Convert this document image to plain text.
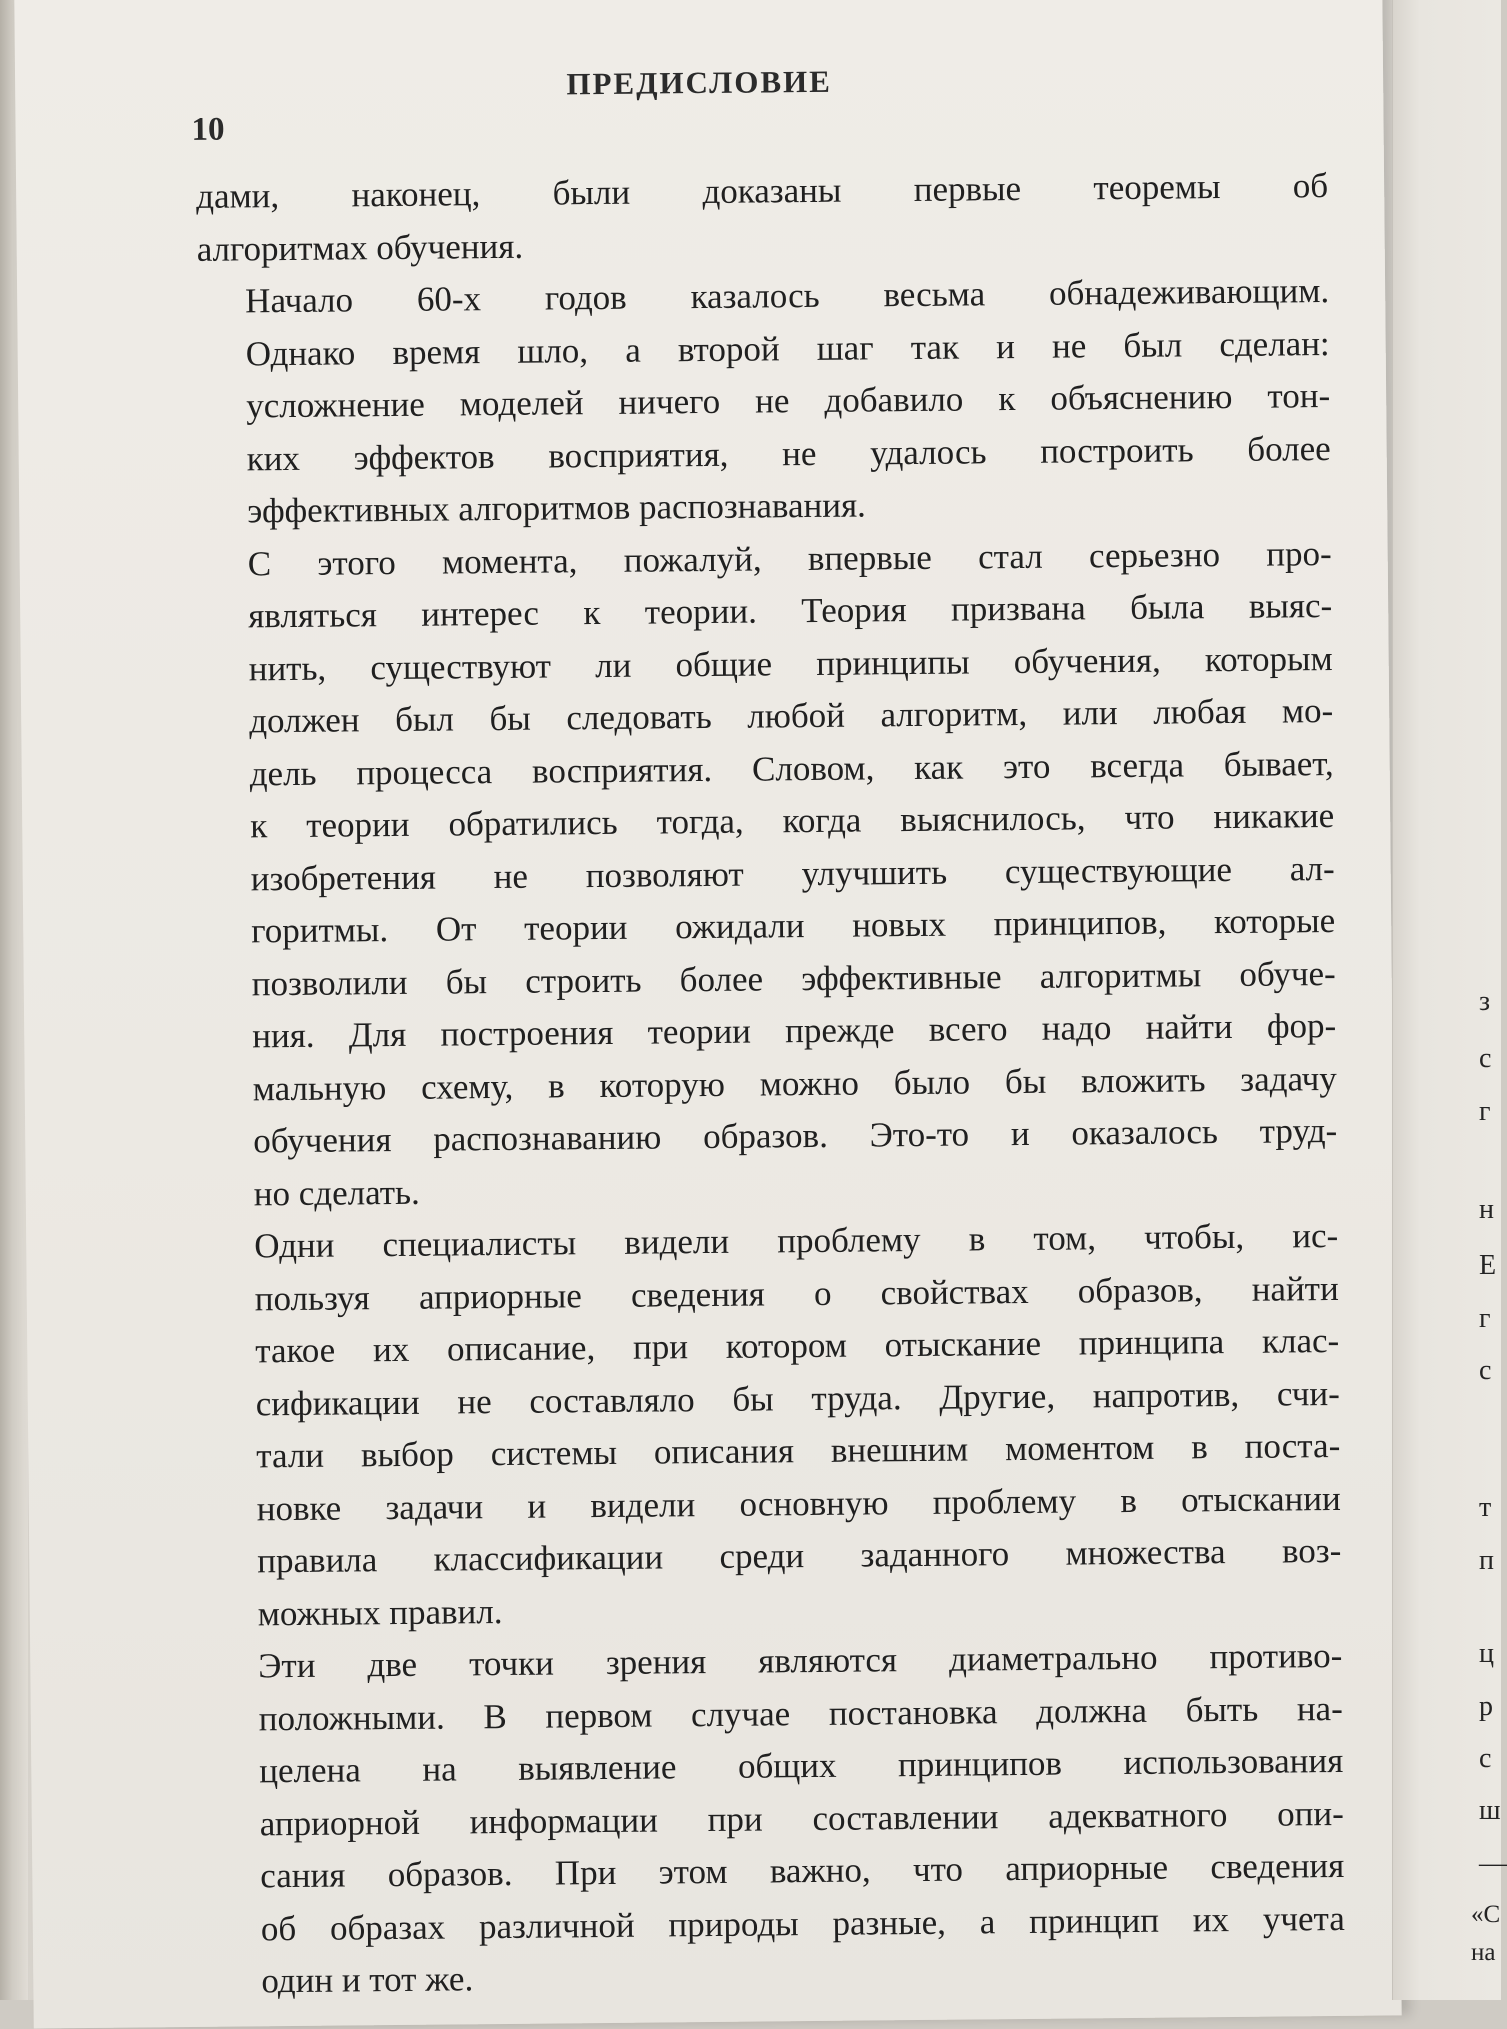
ПРЕДИСЛОВИЕ
10

дами, наконец, были доказаны первые теоремы об
алгоритмах обучения.

Начало 60-х годов казалось весьма обнадеживающим.
Однако время шло, а второй шаг так и не был сделан:
усложнение моделей ничего не добавило к объяснению тон-
ких эффектов восприятия, не удалось построить более
эффективных алгоритмов распознавания.

С этого момента, пожалуй, впервые стал серьезно про-
являться интерес к теории. Теория призвана была выяс-
нить, существуют ли общие принципы обучения, которым
должен был бы следовать любой алгоритм, или любая мо-
дель процесса восприятия. Словом, как это всегда бывает,
к теории обратились тогда, когда выяснилось, что никакие
изобретения не позволяют улучшить существующие ал-
горитмы. От теории ожидали новых принципов, которые
позволили бы строить более эффективные алгоритмы обуче-
ния. Для построения теории прежде всего надо найти фор-
мальную схему, в которую можно было бы вложить задачу
обучения распознаванию образов. Это-то и оказалось труд-
но сделать.

Одни специалисты видели проблему в том, чтобы, ис-
пользуя априорные сведения о свойствах образов, найти
такое их описание, при котором отыскание принципа клас-
сификации не составляло бы труда. Другие, напротив, счи-
тали выбор системы описания внешним моментом в поста-
новке задачи и видели основную проблему в отыскании
правила классификации среди заданного множества воз-
можных правил.

Эти две точки зрения являются диаметрально противо-
положными. В первом случае постановка должна быть на-
целена на выявление общих принципов использования
априорной информации при составлении адекватного опи-
сания образов. При этом важно, что априорные сведения
об образах различной природы разные, а принцип их учета
один и тот же.

з
с
г
н
Е
г
с
т
п
ц
р
с
ш
—
«С
на
